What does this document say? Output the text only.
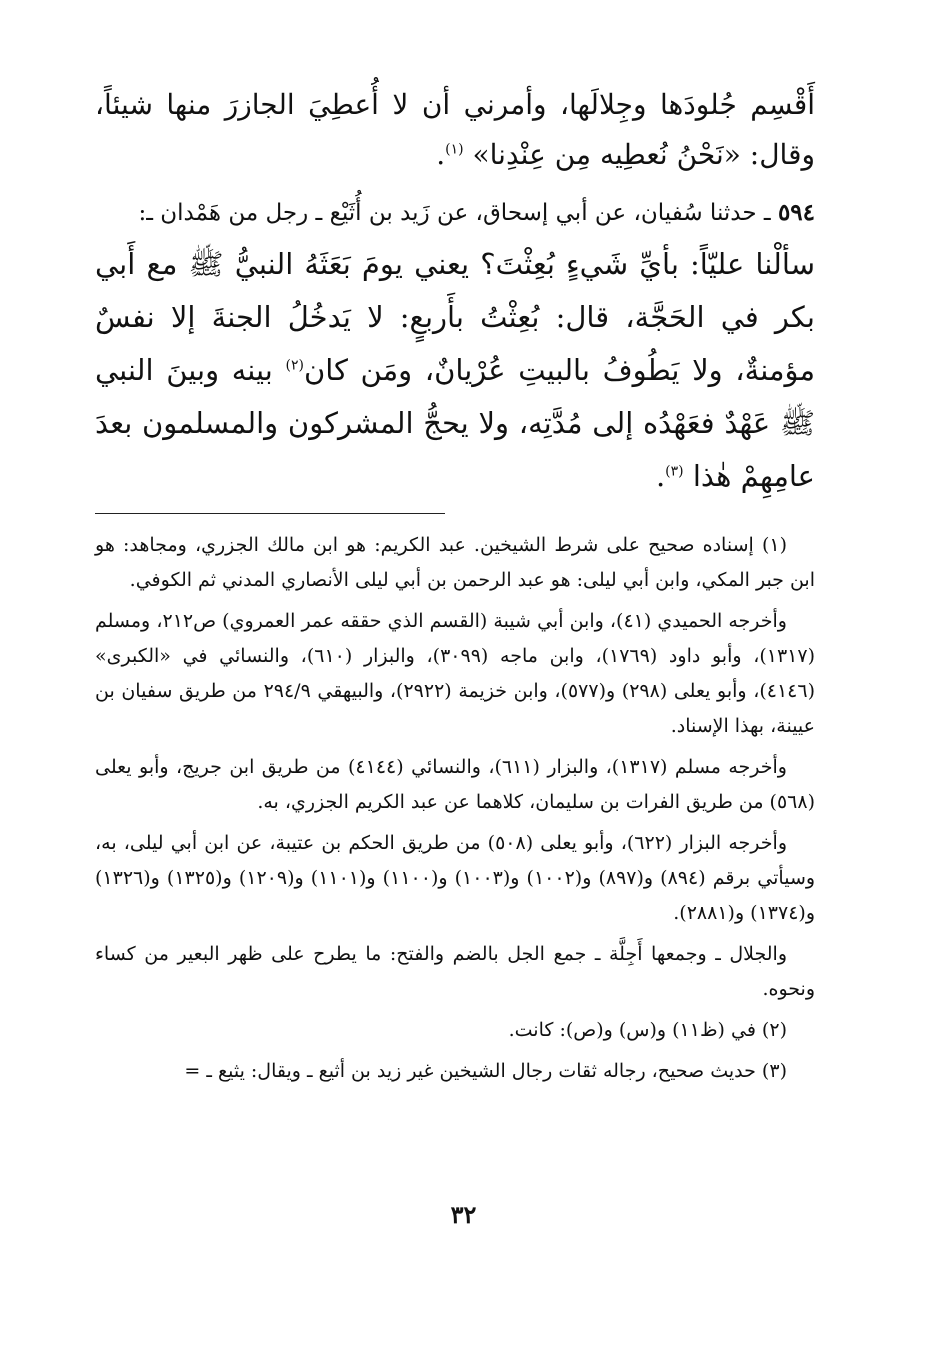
أَقْسِم جُلودَها وجِلالَها، وأمرني أن لا أُعطِيَ الجازرَ منها شيئاً، وقال: «نَحْنُ نُعطِيه مِن عِنْدِنا» $^{(١)}$.

٥٩٤ ـ حدثنا سُفيان، عن أبي إسحاق، عن زَيد بن أُثَيْع ـ رجل من هَمْدان ـ:

سألْنا عليّاً: بأيِّ شَيءٍ بُعِثْتَ؟ يعني يومَ بَعَثَهُ النبيُّ ﷺ مع أَبي بكر في الحَجَّة، قال: بُعِثْتُ بأَربعٍ: لا يَدخُلُ الجنةَ إلا نفسٌ مؤمنةٌ، ولا يَطُوفُ بالبيتِ عُرْيانٌ، ومَن كان$^{(٢)}$ بينه وبينَ النبي ﷺ عَهْدٌ فعَهْدُه إلى مُدَّتِه، ولا يحجُّ المشركون والمسلمون بعدَ عامِهِمْ هٰذا $^{(٣)}$.

(١) إسناده صحيح على شرط الشيخين. عبد الكريم: هو ابن مالك الجزري، ومجاهد: هو ابن جبر المكي، وابن أبي ليلى: هو عبد الرحمن بن أبي ليلى الأنصاري المدني ثم الكوفي.

وأخرجه الحميدي (٤١)، وابن أبي شيبة (القسم الذي حققه عمر العمروي) ص٢١٢، ومسلم (١٣١٧)، وأبو داود (١٧٦٩)، وابن ماجه (٣٠٩٩)، والبزار (٦١٠)، والنسائي في «الكبرى» (٤١٤٦)، وأبو يعلى (٢٩٨) و(٥٧٧)، وابن خزيمة (٢٩٢٢)، والبيهقي ٢٩٤/٩ من طريق سفيان بن عيينة، بهذا الإسناد.

وأخرجه مسلم (١٣١٧)، والبزار (٦١١)، والنسائي (٤١٤٤) من طريق ابن جريج، وأبو يعلى (٥٦٨) من طريق الفرات بن سليمان، كلاهما عن عبد الكريم الجزري، به.

وأخرجه البزار (٦٢٢)، وأبو يعلى (٥٠٨) من طريق الحكم بن عتيبة، عن ابن أبي ليلى، به، وسيأتي برقم (٨٩٤) و(٨٩٧) و(١٠٠٢) و(١٠٠٣) و(١١٠٠) و(١١٠١) و(١٢٠٩) و(١٣٢٥) و(١٣٢٦) و(١٣٧٤) و(٢٨٨١).

والجلال ـ وجمعها أَجِلَّة ـ جمع الجل بالضم والفتح: ما يطرح على ظهر البعير من كساء ونحوه.

(٢) في (ظ١١) و(س) و(ص): كانت.

(٣) حديث صحيح، رجاله ثقات رجال الشيخين غير زيد بن أثيع ـ ويقال: يثيع ـ =

٣٢
